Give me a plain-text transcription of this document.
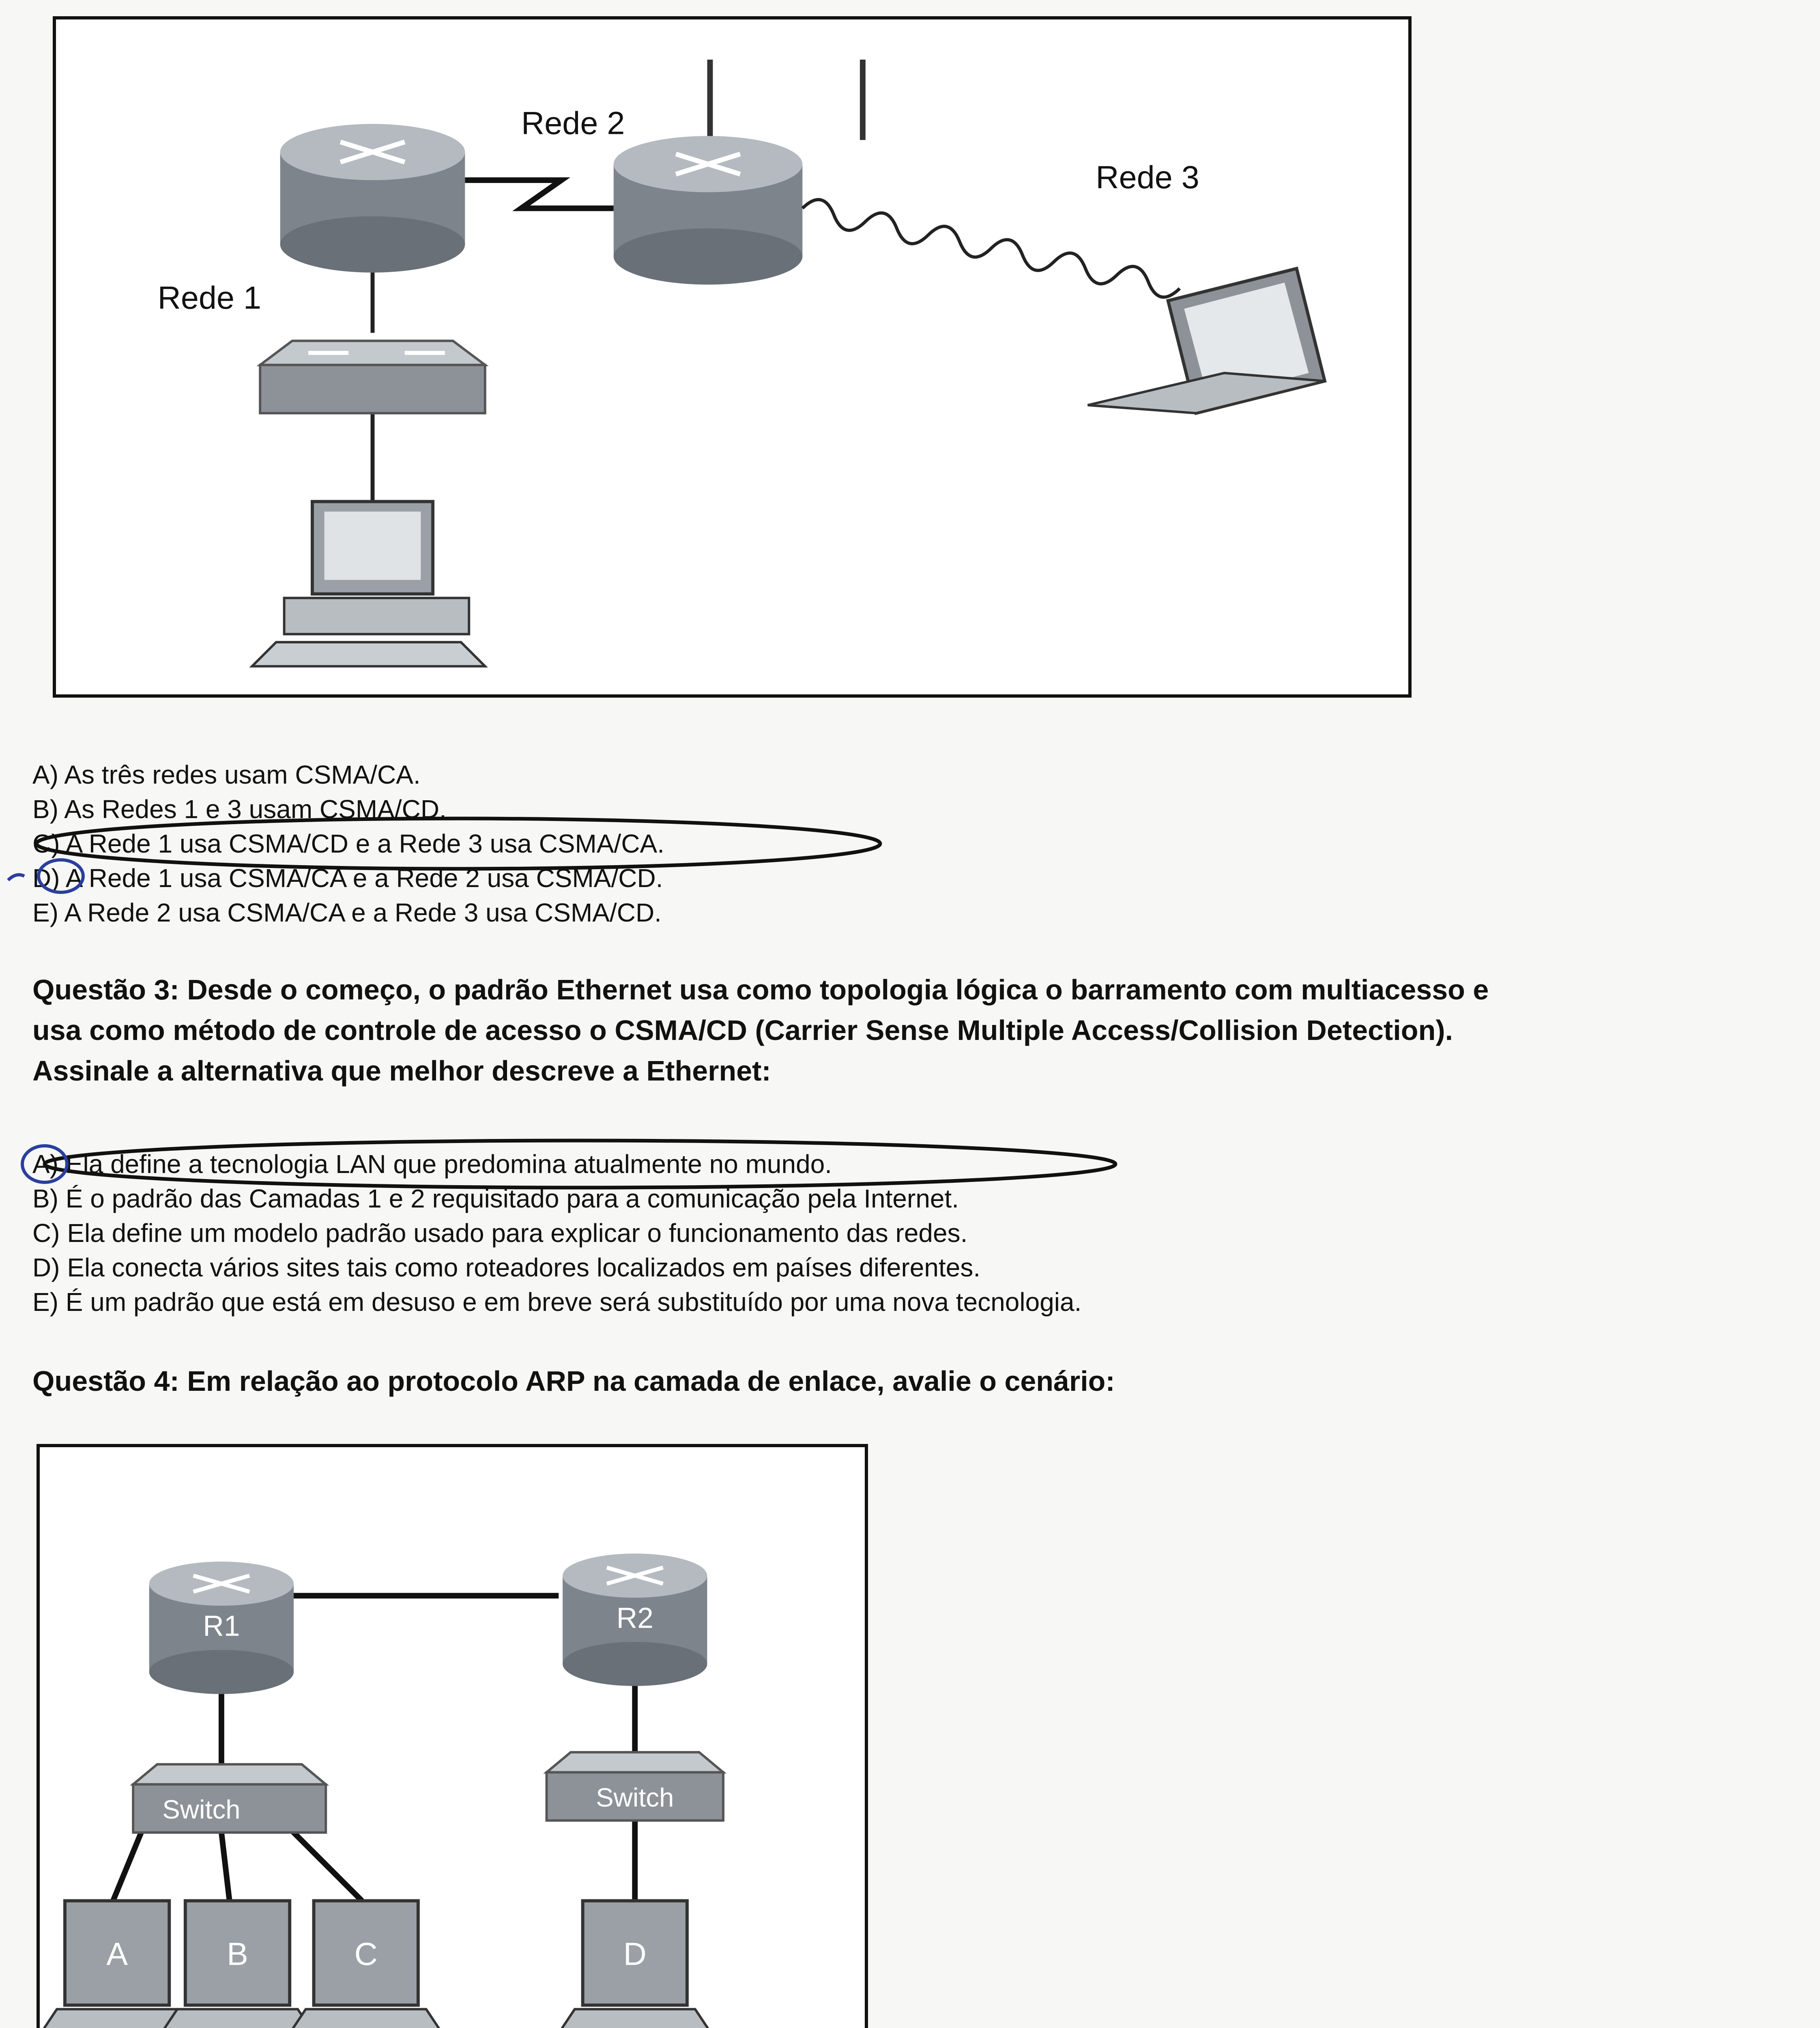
Rede 1
Rede 2
Rede 3
A) As três redes usam CSMA/CA.
B) As Redes 1 e 3 usam CSMA/CD.
C) A Rede 1 usa CSMA/CD e a Rede 3 usa CSMA/CA.
D) A Rede 1 usa CSMA/CA e a Rede 2 usa CSMA/CD.
E) A Rede 2 usa CSMA/CA e a Rede 3 usa CSMA/CD.
Questão 3: Desde o começo, o padrão Ethernet usa como topologia lógica o barramento com multiacesso e
usa como método de controle de acesso o CSMA/CD (Carrier Sense Multiple Access/Collision Detection).
Assinale a alternativa que melhor descreve a Ethernet:
A) Ela define a tecnologia LAN que predomina atualmente no mundo.
B) É o padrão das Camadas 1 e 2 requisitado para a comunicação pela Internet.
C) Ela define um modelo padrão usado para explicar o funcionamento das redes.
D) Ela conecta vários sites tais como roteadores localizados em países diferentes.
E) É um padrão que está em desuso e em breve será substituído por uma nova tecnologia.
Questão 4: Em relação ao protocolo ARP na camada de enlace, avalie o cenário:
R1	R2
Switch	Switch
A	B	C	D
